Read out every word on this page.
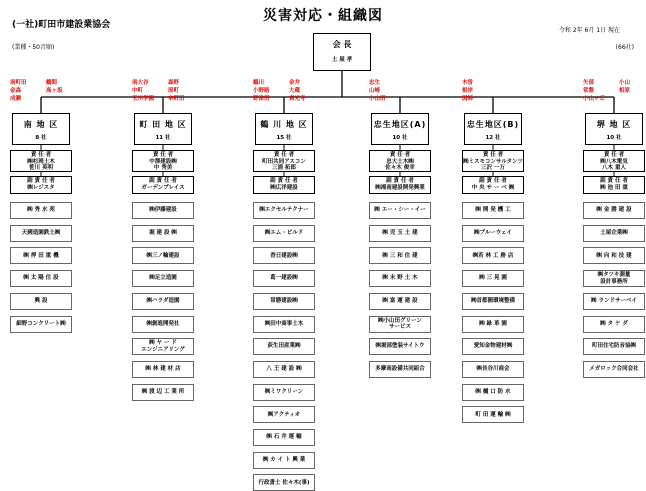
災害対応・組織図
(一社)町田市建設業協会
(業種・50音順)
令和 2年 6月 1日 現在
(66社)
会 長
土 屋 孝
南町田	鶴間
金森	高ヶ坂
成瀬
南 地 区
8 社
責 任 者
㈱杉岡土木
笹川 英明
副 責 任 者
㈱レジスタ
㈱ 秀 水 苑
天國造園鉄土㈱
㈱ 押 田 重 機
㈱ 太 陽 住 設
興 設
細野コンクリート㈱
南大谷	森野
中町	原町
玉川学園	本町田
町 田 地 区
11 社
責 任 者
中澤建設㈱
中 秀美
副 責 任 者
ガーデンプレイス
㈱伊藤建設
堀 建 設 ㈱
㈱三ノ輪建設
㈱足立造園
㈱ハラダ造園
㈱創進開発社
㈱ ヤ ー ド
エンジニアリング
㈱ 林 建 材 店
㈱ 渡 辺 工 業 所
鶴川	金井
小野路	大蔵
野津田	真光寺
鶴 川 地 区
15 社
責 任 者
町田共同アスコン
三浦 拓郎
副 責 任 者
㈱広洋建設
㈱エクセルテクナー
㈱エム・ビルド
香日建設㈱
葛一建設㈱
常勝建設㈱
㈱田中商事土木
荻生田産業㈱
八 王 建 設 ㈱
㈱ミワクリーン
㈱アクティオ
㈱ 石 井 運 輸
㈱ カ イ ト 興 業
行政書士 佐々木(事)
忠生
山崎
小山田
忠生地区(A)
10 社
責 任 者
忠大土木㈱
佐々木 俊幸
副 責 任 者
㈱湘南建設開発興業
㈱ エー・シー・イー
㈱ 児 玉 土 建
㈱ 三 和 住 建
㈱ 末 野 土 木
㈱ 富 運 建 設
㈱小山田グリーン
サービス
㈱堀部塗装サイトウ
多摩南設備共同組合
木曽
根岸
図師
忠生地区(B)
12 社
責 任 者
㈱ミスモコンサルタンツ
三沢 一万
副 責 任 者
中 央 サ ー ベ ㈱
㈱ 開 発 機 工
㈱ブルーウェイ
㈱若 林 工 務 店
㈱ 三 晃 園
㈱首都圏環境整備
㈱ 緑 革 園
愛知金物建材㈱
㈱長谷川商会
㈱ 樋 口 防 水
町 田 運 輸 ㈱
矢部	小山
常盤	相原
小山ヶ丘
堺 地 区
10 社
責 任 者
㈱八木電気
八木 重人
副 責 任 者
㈱ 池 田 重
㈱ 金 勝 建 設
土屋企業㈱
㈱ 向 和 技 建
㈱タツキ測量
設計事務所
㈱ ランドサーベイ
㈱ タ ケ ダ
町田住宅防音協㈱
メガロック合同会社
